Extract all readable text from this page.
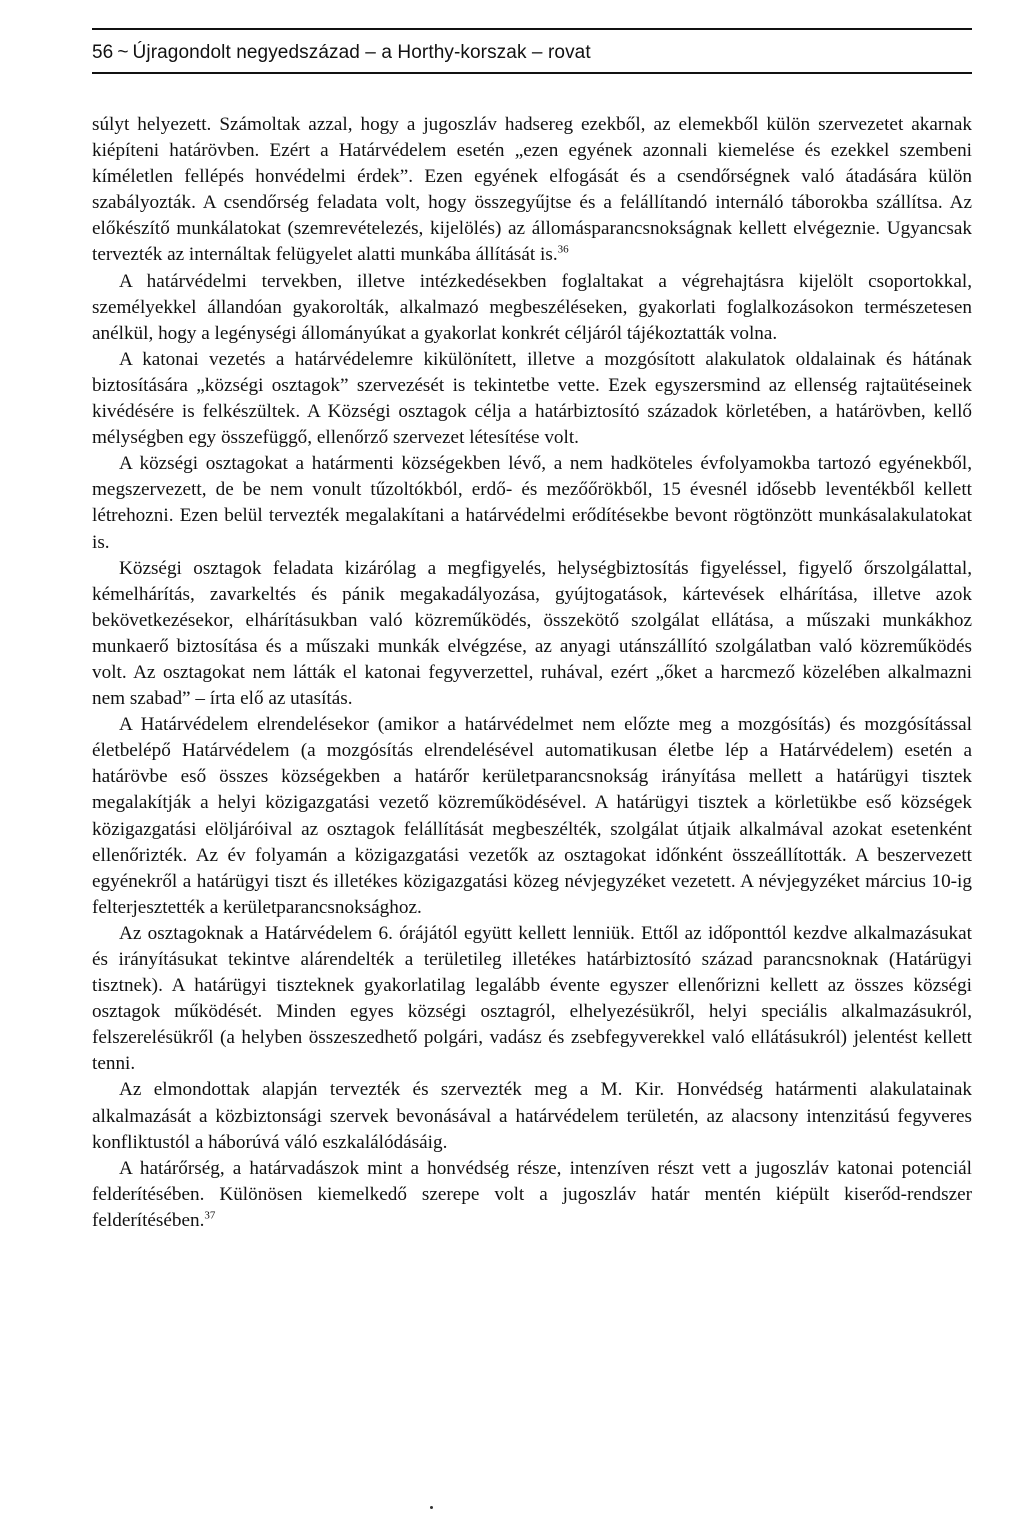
56 ~ Újragondolt negyedszázad – a Horthy-korszak – rovat

súlyt helyezett. Számoltak azzal, hogy a jugoszláv hadsereg ezekből, az elemekből külön szervezetet akarnak kiépíteni határövben. Ezért a Határvédelem esetén „ezen egyének azonnali kiemelése és ezekkel szembeni kíméletlen fellépés honvédelmi érdek”. Ezen egyének elfogását és a csendőrségnek való átadására külön szabályozták. A csendőrség feladata volt, hogy összegyűjtse és a felállítandó internáló táborokba szállítsa. Az előkészítő munkálatokat (szemrevételezés, kijelölés) az állomásparancsnokságnak kellett elvégeznie. Ugyancsak tervezték az internáltak felügyelet alatti munkába állítását is.$^{36}$

A határvédelmi tervekben, illetve intézkedésekben foglaltakat a végrehajtásra kijelölt csoportokkal, személyekkel állandóan gyakorolták, alkalmazó megbeszéléseken, gyakorlati foglalkozásokon természetesen anélkül, hogy a legénységi állományúkat a gyakorlat konkrét céljáról tájékoztatták volna.

A katonai vezetés a határvédelemre kikülönített, illetve a mozgósított alakulatok oldalainak és hátának biztosítására „községi osztagok” szervezését is tekintetbe vette. Ezek egyszersmind az ellenség rajtaütéseinek kivédésére is felkészültek. A Községi osztagok célja a határbiztosító századok körletében, a határövben, kellő mélységben egy összefüggő, ellenőrző szervezet létesítése volt.

A községi osztagokat a határmenti községekben lévő, a nem hadköteles évfolyamokba tartozó egyénekből, megszervezett, de be nem vonult tűzoltókból, erdő- és mezőőrökből, 15 évesnél idősebb leventékből kellett létrehozni. Ezen belül tervezték megalakítani a határvédelmi erődítésekbe bevont rögtönzött munkásalakulatokat is.

Községi osztagok feladata kizárólag a megfigyelés, helységbiztosítás figyeléssel, figyelő őrszolgálattal, kémelhárítás, zavarkeltés és pánik megakadályozása, gyújtogatások, kártevések elhárítása, illetve azok bekövetkezésekor, elhárításukban való közreműködés, összekötő szolgálat ellátása, a műszaki munkákhoz munkaerő biztosítása és a műszaki munkák elvégzése, az anyagi utánszállító szolgálatban való közreműködés volt. Az osztagokat nem látták el katonai fegyverzettel, ruhával, ezért „őket a harcmező közelében alkalmazni nem szabad” – írta elő az utasítás.

A Határvédelem elrendelésekor (amikor a határvédelmet nem előzte meg a mozgósítás) és mozgósítással életbelépő Határvédelem (a mozgósítás elrendelésével automatikusan életbe lép a Határvédelem) esetén a határövbe eső összes községekben a határőr kerületparancsnokság irányítása mellett a határügyi tisztek megalakítják a helyi közigazgatási vezető közreműködésével. A határügyi tisztek a körletükbe eső községek közigazgatási elöljáróival az osztagok felállítását megbeszélték, szolgálat útjaik alkalmával azokat esetenként ellenőrizték. Az év folyamán a közigazgatási vezetők az osztagokat időnként összeállították. A beszervezett egyénekről a határügyi tiszt és illetékes közigazgatási közeg névjegyzéket vezetett. A névjegyzéket március 10-ig felterjesztették a kerületparancsnoksághoz.

Az osztagoknak a Határvédelem 6. órájától együtt kellett lenniük. Ettől az időponttól kezdve alkalmazásukat és irányításukat tekintve alárendelték a területileg illetékes határbiztosító század parancsnoknak (Határügyi tisztnek). A határügyi tiszteknek gyakorlatilag legalább évente egyszer ellenőrizni kellett az összes községi osztagok működését. Minden egyes községi osztagról, elhelyezésükről, helyi speciális alkalmazásukról, felszerelésükről (a helyben összeszedhető polgári, vadász és zsebfegyverekkel való ellátásukról) jelentést kellett tenni.

Az elmondottak alapján tervezték és szervezték meg a M. Kir. Honvédség határmenti alakulatainak alkalmazását a közbiztonsági szervek bevonásával a határvédelem területén, az alacsony intenzitású fegyveres konfliktustól a háborúvá váló eszkalálódásáig.

A határőrség, a határvadászok mint a honvédség része, intenzíven részt vett a jugoszláv katonai potenciál felderítésében. Különösen kiemelkedő szerepe volt a jugoszláv határ mentén kiépült kiserőd-rendszer felderítésében.$^{37}$
